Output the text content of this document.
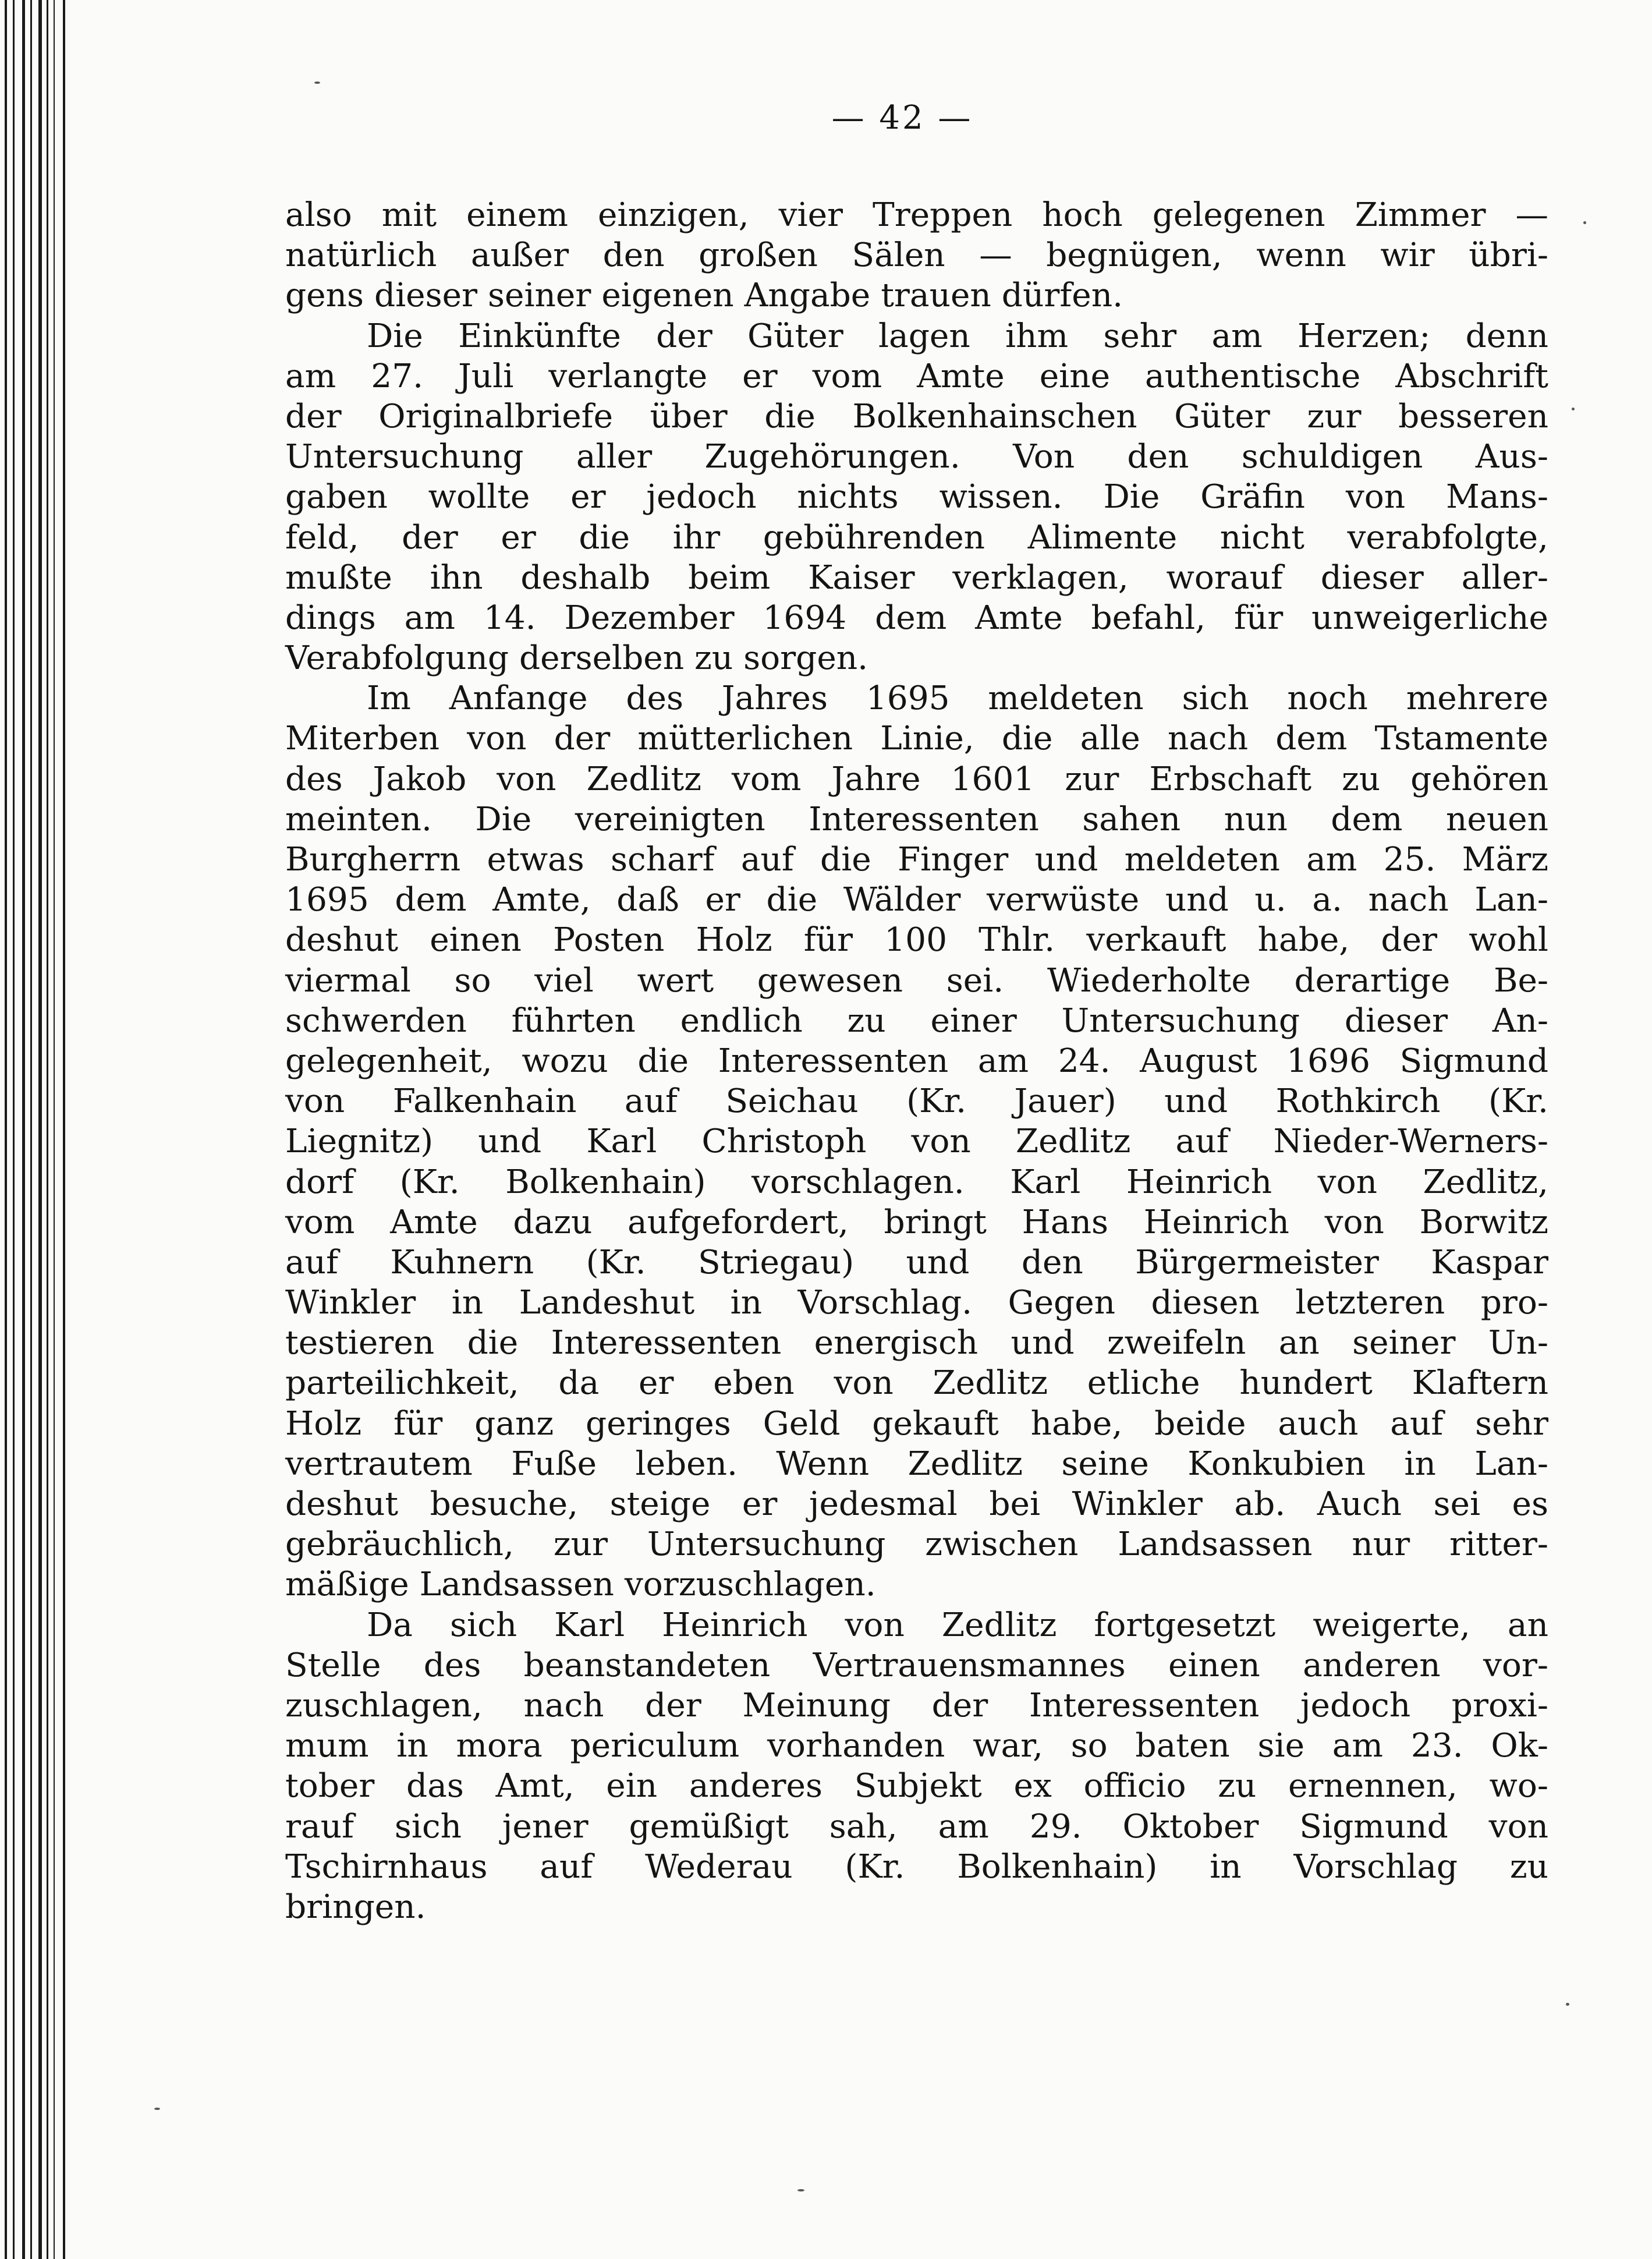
— 42 —
also mit einem einzigen, vier Treppen hoch gelegenen Zimmer —
natürlich außer den großen Sälen — begnügen, wenn wir übri-
gens dieser seiner eigenen Angabe trauen dürfen.
Die Einkünfte der Güter lagen ihm sehr am Herzen; denn
am 27. Juli verlangte er vom Amte eine authentische Abschrift
der Originalbriefe über die Bolkenhainschen Güter zur besseren
Untersuchung aller Zugehörungen. Von den schuldigen Aus-
gaben wollte er jedoch nichts wissen. Die Gräfin von Mans-
feld, der er die ihr gebührenden Alimente nicht verabfolgte,
mußte ihn deshalb beim Kaiser verklagen, worauf dieser aller-
dings am 14. Dezember 1694 dem Amte befahl, für unweigerliche
Verabfolgung derselben zu sorgen.
Im Anfange des Jahres 1695 meldeten sich noch mehrere
Miterben von der mütterlichen Linie, die alle nach dem Tstamente
des Jakob von Zedlitz vom Jahre 1601 zur Erbschaft zu gehören
meinten. Die vereinigten Interessenten sahen nun dem neuen
Burgherrn etwas scharf auf die Finger und meldeten am 25. März
1695 dem Amte, daß er die Wälder verwüste und u. a. nach Lan-
deshut einen Posten Holz für 100 Thlr. verkauft habe, der wohl
viermal so viel wert gewesen sei. Wiederholte derartige Be-
schwerden führten endlich zu einer Untersuchung dieser An-
gelegenheit, wozu die Interessenten am 24. August 1696 Sigmund
von Falkenhain auf Seichau (Kr. Jauer) und Rothkirch (Kr.
Liegnitz) und Karl Christoph von Zedlitz auf Nieder-Werners-
dorf (Kr. Bolkenhain) vorschlagen. Karl Heinrich von Zedlitz,
vom Amte dazu aufgefordert, bringt Hans Heinrich von Borwitz
auf Kuhnern (Kr. Striegau) und den Bürgermeister Kaspar
Winkler in Landeshut in Vorschlag. Gegen diesen letzteren pro-
testieren die Interessenten energisch und zweifeln an seiner Un-
parteilichkeit, da er eben von Zedlitz etliche hundert Klaftern
Holz für ganz geringes Geld gekauft habe, beide auch auf sehr
vertrautem Fuße leben. Wenn Zedlitz seine Konkubien in Lan-
deshut besuche, steige er jedesmal bei Winkler ab. Auch sei es
gebräuchlich, zur Untersuchung zwischen Landsassen nur ritter-
mäßige Landsassen vorzuschlagen.
Da sich Karl Heinrich von Zedlitz fortgesetzt weigerte, an
Stelle des beanstandeten Vertrauensmannes einen anderen vor-
zuschlagen, nach der Meinung der Interessenten jedoch proxi-
mum in mora periculum vorhanden war, so baten sie am 23. Ok-
tober das Amt, ein anderes Subjekt ex officio zu ernennen, wo-
rauf sich jener gemüßigt sah, am 29. Oktober Sigmund von
Tschirnhaus auf Wederau (Kr. Bolkenhain) in Vorschlag zu
bringen.
